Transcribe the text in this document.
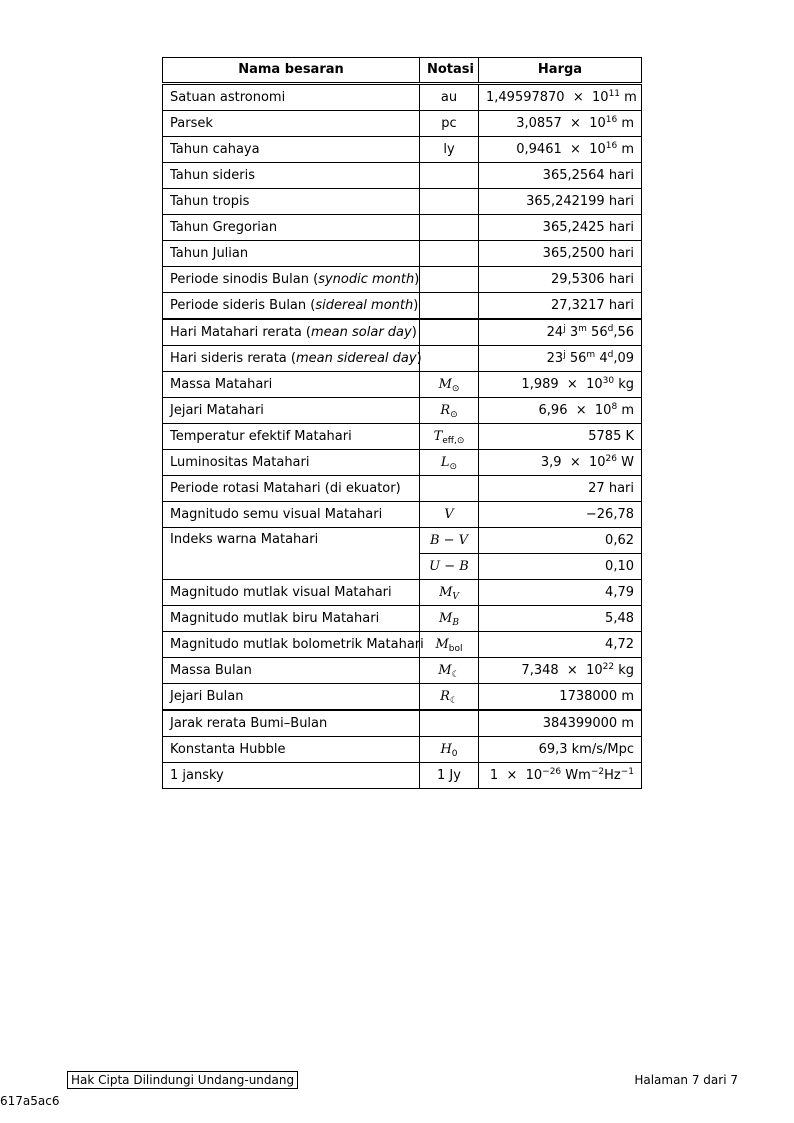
Nama besaran	Notasi	Harga
Satuan astronomi	au	$1,49597870 \times 10^{11}$ m
Parsek	pc	$3,0857 \times 10^{16}$ m
Tahun cahaya	ly	$0,9461 \times 10^{16}$ m
Tahun sideris		365,2564 hari
Tahun tropis		365,242199 hari
Tahun Gregorian		365,2425 hari
Tahun Julian		365,2500 hari
Periode sinodis Bulan (synodic month)		29,5306 hari
Periode sideris Bulan (sidereal month)		27,3217 hari
Hari Matahari rerata (mean solar day)		24$^j$ 3$^m$ 56$^d$,56
Hari sideris rerata (mean sidereal day)		23$^j$ 56$^m$ 4$^d$,09
Massa Matahari	$M_⊙$	$1,989 \times 10^{30}$ kg
Jejari Matahari	$R_⊙$	$6,96 \times 10^8$ m
Temperatur efektif Matahari	$T_{eff,⊙}$	5785 K
Luminositas Matahari	$L_⊙$	$3,9 \times 10^{26}$ W
Periode rotasi Matahari (di ekuator)		27 hari
Magnitudo semu visual Matahari	V	−26,78
Indeks warna Matahari	B − V	0,62
	U − B	0,10
Magnitudo mutlak visual Matahari	$M_V$	4,79
Magnitudo mutlak biru Matahari	$M_B$	5,48
Magnitudo mutlak bolometrik Matahari	$M_{bol}$	4,72
Massa Bulan	$M_☾$	$7,348 \times 10^{22}$ kg
Jejari Bulan	$R_☾$	1738000 m
Jarak rerata Bumi–Bulan		384399000 m
Konstanta Hubble	$H_0$	69,3 km/s/Mpc
1 jansky	1 Jy	$1 \times 10^{-26}$ $Wm^{-2}Hz^{-1}$
Hak Cipta Dilindungi Undang-undang	Halaman 7 dari 7
617a5ac6
